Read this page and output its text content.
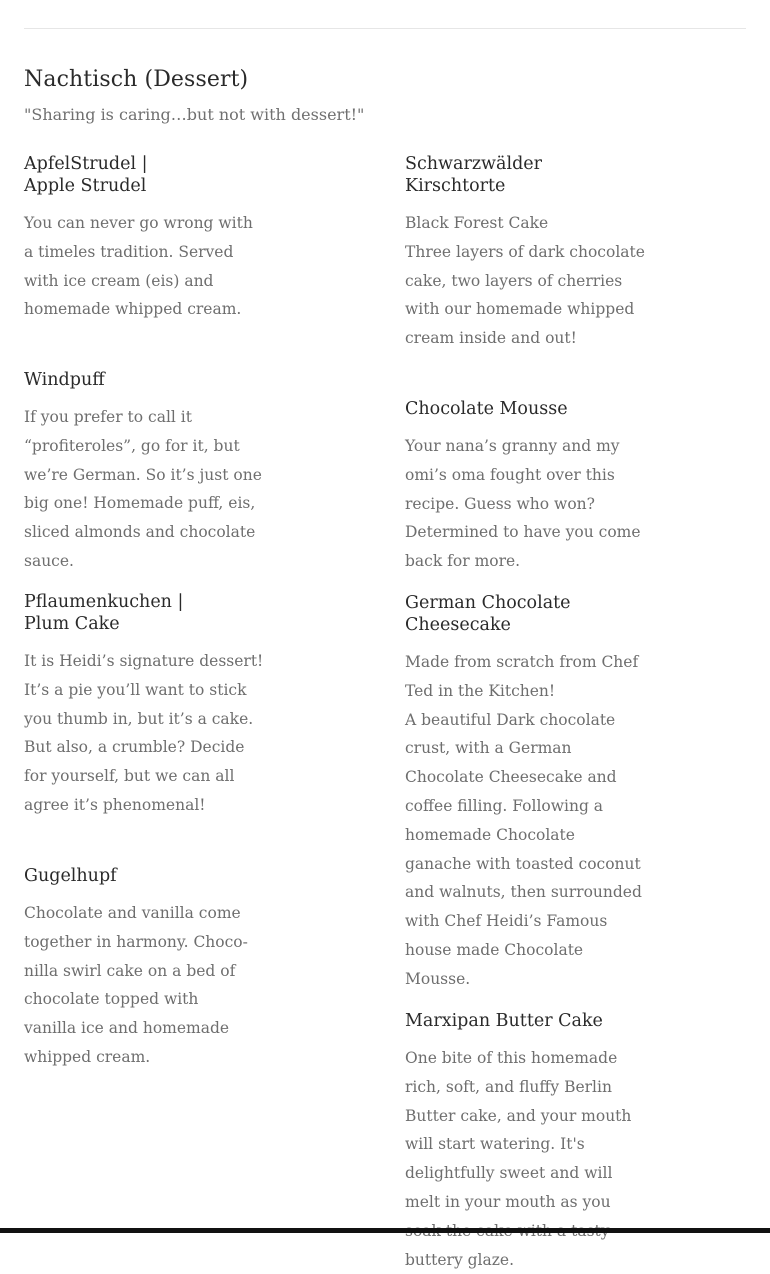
Nachtisch (Dessert)
"Sharing is caring…but not with dessert!"
ApfelStrudel | Apple Strudel
You can never go wrong with a timeles tradition. Served with ice cream (eis) and homemade whipped cream.
Windpuff
If you prefer to call it “profiteroles”, go for it, but we’re German. So it’s just one big one! Homemade puff, eis, sliced almonds and chocolate sauce.
Pflaumenkuchen | Plum Cake
It is Heidi’s signature dessert! It’s a pie you’ll want to stick you thumb in, but it’s a cake. But also, a crumble? Decide for yourself, but we can all agree it’s phenomenal!
Gugelhupf
Chocolate and vanilla come together in harmony. Choco-nilla swirl cake on a bed of chocolate topped with vanilla ice and homemade whipped cream.
Schwarzwälder Kirschtorte
Black Forest Cake
Three layers of dark chocolate cake, two layers of cherries with our homemade whipped cream inside and out!
Chocolate Mousse
Your nana’s granny and my omi’s oma fought over this recipe. Guess who won? Determined to have you come back for more.
German Chocolate Cheesecake
Made from scratch from Chef Ted in the Kitchen!
A beautiful Dark chocolate crust, with a German Chocolate Cheesecake and coffee filling. Following a homemade Chocolate ganache with toasted coconut and walnuts, then surrounded with Chef Heidi’s Famous house made Chocolate Mousse.
Marxipan Butter Cake
One bite of this homemade rich, soft, and fluffy Berlin Butter cake, and your mouth will start watering. It's delightfully sweet and will melt in your mouth as you buttery glaze.
